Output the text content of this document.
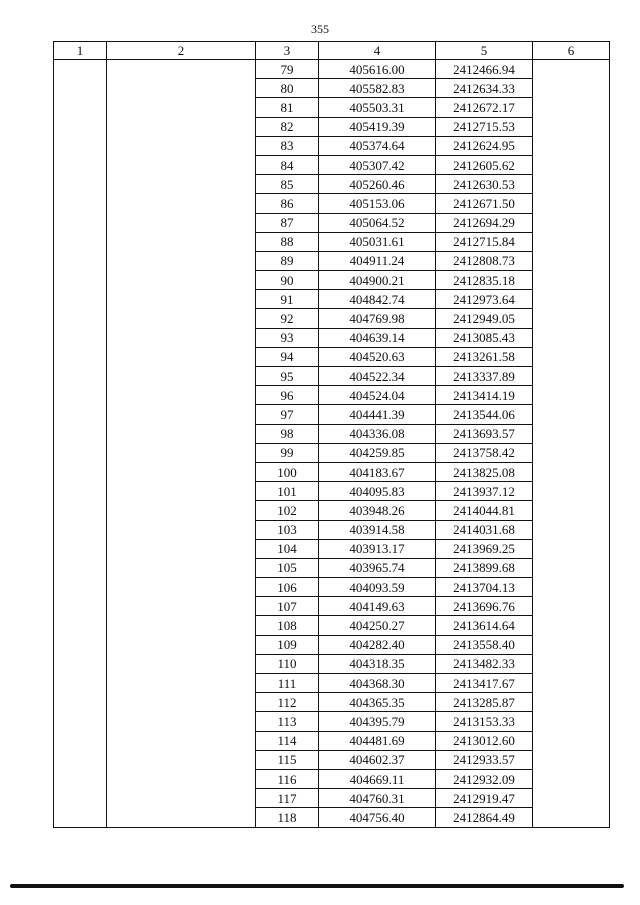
355
1	2	3	4	5	6
		79	405616.00	2412466.94	
		80	405582.83	2412634.33	
		81	405503.31	2412672.17	
		82	405419.39	2412715.53	
		83	405374.64	2412624.95	
		84	405307.42	2412605.62	
		85	405260.46	2412630.53	
		86	405153.06	2412671.50	
		87	405064.52	2412694.29	
		88	405031.61	2412715.84	
		89	404911.24	2412808.73	
		90	404900.21	2412835.18	
		91	404842.74	2412973.64	
		92	404769.98	2412949.05	
		93	404639.14	2413085.43	
		94	404520.63	2413261.58	
		95	404522.34	2413337.89	
		96	404524.04	2413414.19	
		97	404441.39	2413544.06	
		98	404336.08	2413693.57	
		99	404259.85	2413758.42	
		100	404183.67	2413825.08	
		101	404095.83	2413937.12	
		102	403948.26	2414044.81	
		103	403914.58	2414031.68	
		104	403913.17	2413969.25	
		105	403965.74	2413899.68	
		106	404093.59	2413704.13	
		107	404149.63	2413696.76	
		108	404250.27	2413614.64	
		109	404282.40	2413558.40	
		110	404318.35	2413482.33	
		111	404368.30	2413417.67	
		112	404365.35	2413285.87	
		113	404395.79	2413153.33	
		114	404481.69	2413012.60	
		115	404602.37	2412933.57	
		116	404669.11	2412932.09	
		117	404760.31	2412919.47	
		118	404756.40	2412864.49	
